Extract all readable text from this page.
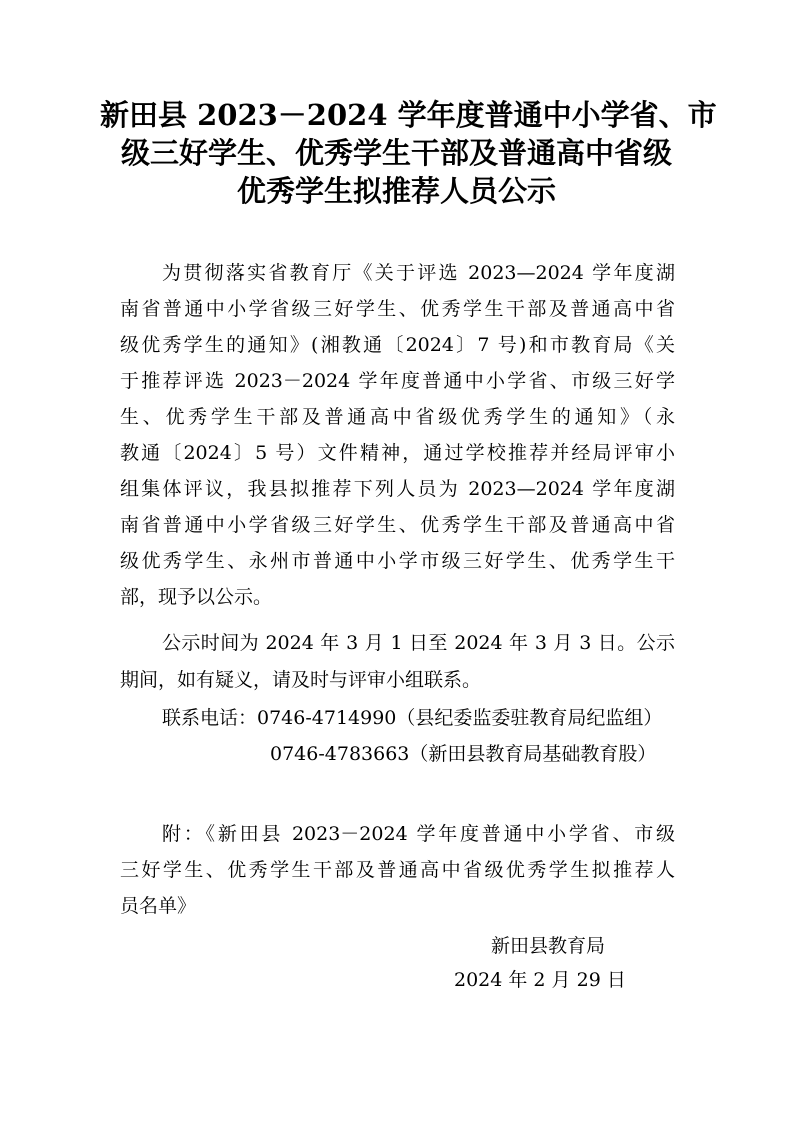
新田县 2023－2024 学年度普通中小学省、市
级三好学生、优秀学生干部及普通高中省级
优秀学生拟推荐人员公示
为贯彻落实省教育厅《关于评选 2023—2024 学年度湖
南省普通中小学省级三好学生、优秀学生干部及普通高中省
级优秀学生的通知》(湘教通〔2024〕7 号)和市教育局《关
于推荐评选 2023－2024 学年度普通中小学省、市级三好学
生、优秀学生干部及普通高中省级优秀学生的通知》（永
教通〔2024〕5 号）文件精神，通过学校推荐并经局评审小
组集体评议，我县拟推荐下列人员为 2023—2024 学年度湖
南省普通中小学省级三好学生、优秀学生干部及普通高中省
级优秀学生、永州市普通中小学市级三好学生、优秀学生干
部，现予以公示。
公示时间为 2024 年 3 月 1 日至 2024 年 3 月 3 日。公示
期间，如有疑义，请及时与评审小组联系。
联系电话：0746-4714990（县纪委监委驻教育局纪监组）
0746-4783663（新田县教育局基础教育股）
附：《新田县 2023－2024 学年度普通中小学省、市级
三好学生、优秀学生干部及普通高中省级优秀学生拟推荐人
员名单》
新田县教育局
2024 年 2 月 29 日
